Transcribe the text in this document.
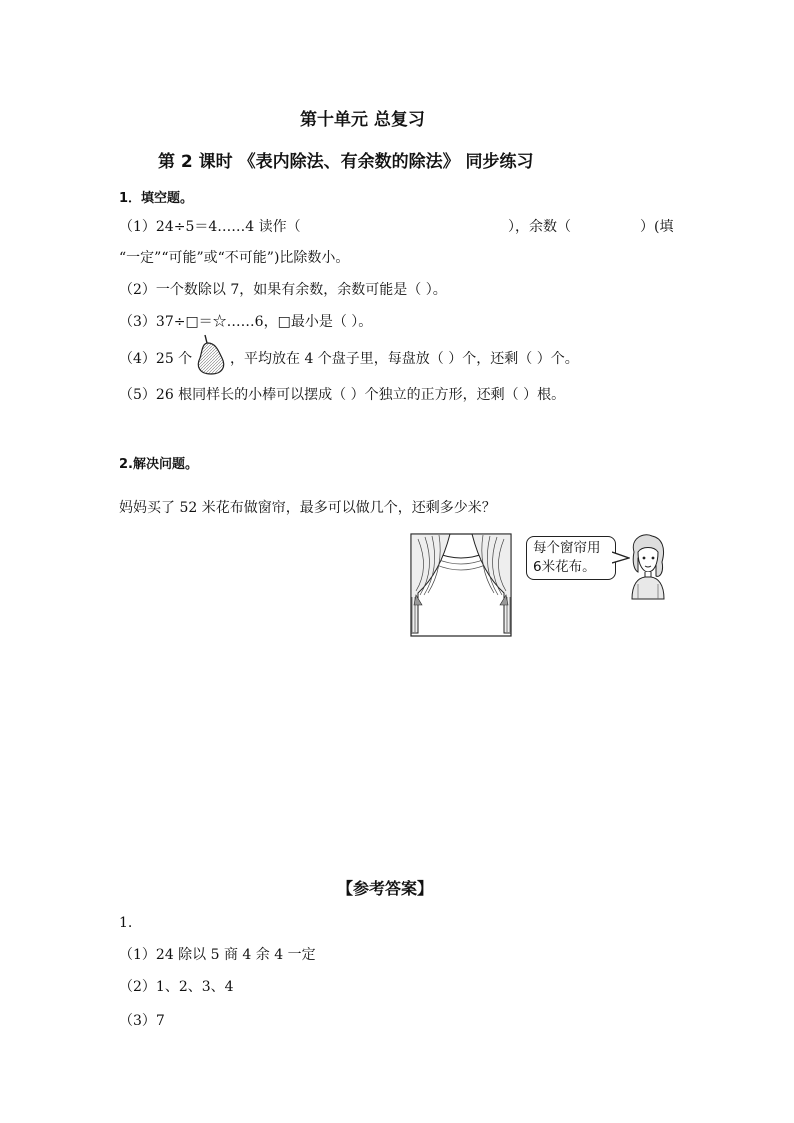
第十单元 总复习
第 2 课时 《表内除法、有余数的除法》 同步练习
1．填空题。
（1）24÷5＝4……4 读作（	），余数（	）(填
“一定”“可能”或“不可能”)比除数小。
（2）一个数除以 7，如果有余数，余数可能是（ ）。
（3）37÷□＝☆……6，□最小是（ ）。
（4）25 个	，平均放在 4 个盘子里，每盘放（ ）个，还剩（ ）个。
（5）26 根同样长的小棒可以摆成（ ）个独立的正方形，还剩（ ）根。
2.解决问题。
妈妈买了 52 米花布做窗帘，最多可以做几个，还剩多少米？

每个窗帘用

6米花布。

【参考答案】
1.
（1）24 除以 5 商 4 余 4 一定
（2）1、2、3、4
（3）7
